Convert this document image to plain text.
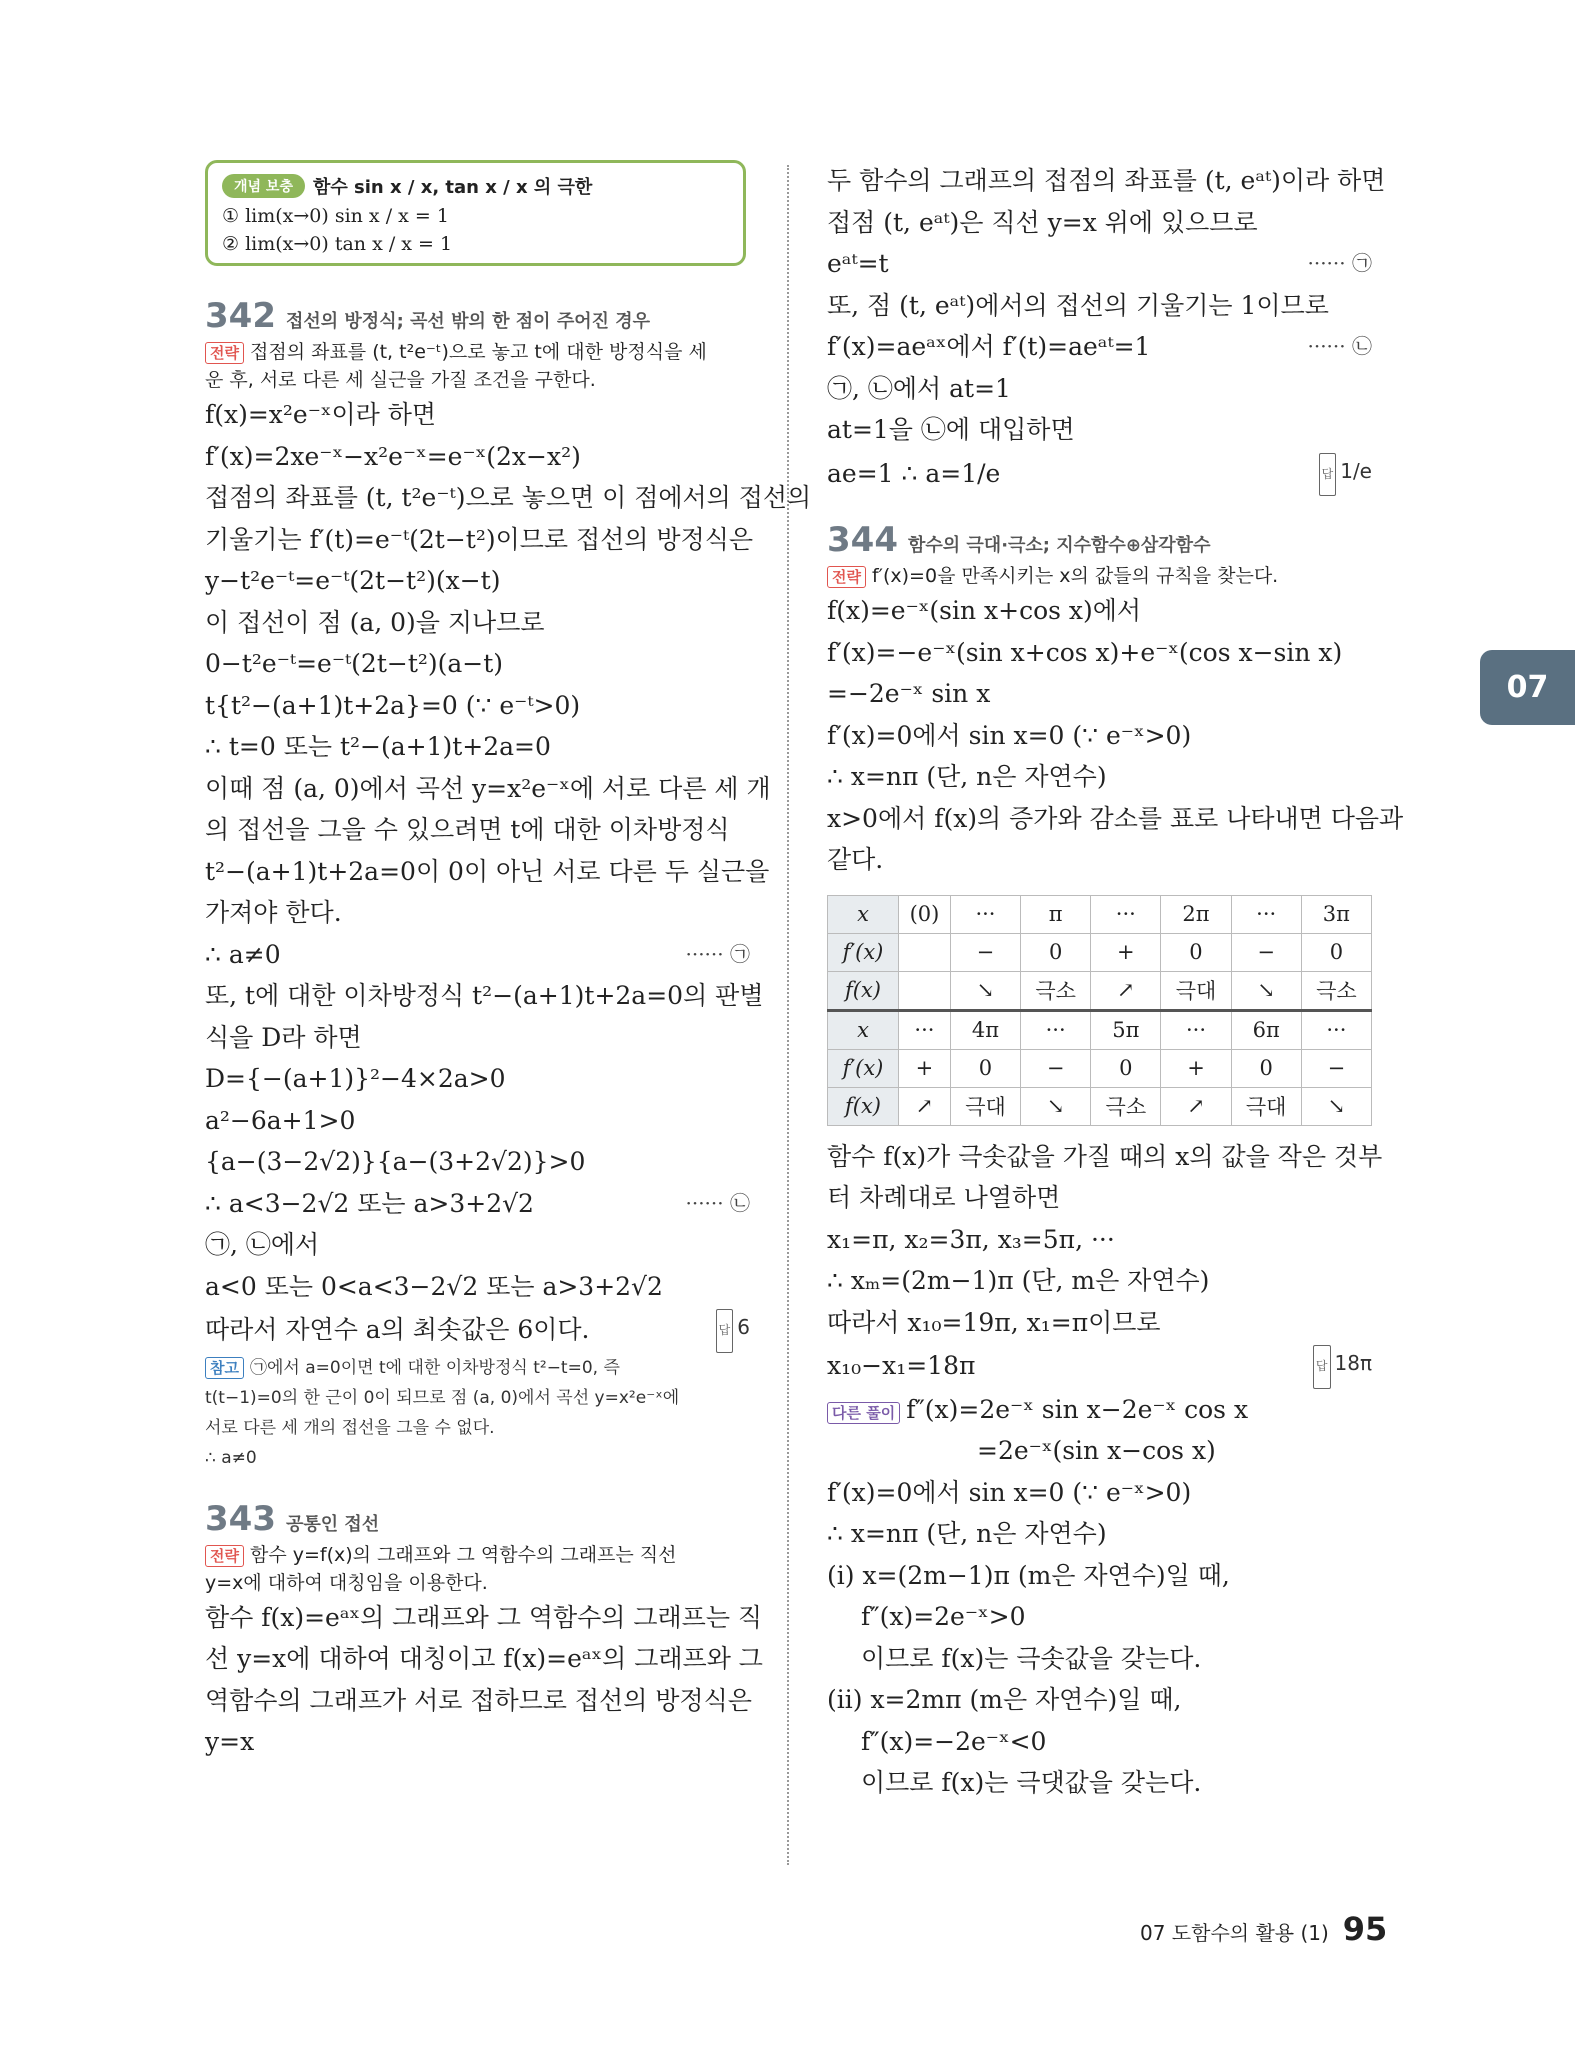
개념 보충	함수 sin x / x, tan x / x 의 극한
① lim(x→0) sin x / x = 1 ② lim(x→0) tan x / x = 1
342 접선의 방정식; 곡선 밖의 한 점이 주어진 경우
전략 접점의 좌표를 (t, t²e⁻ᵗ)으로 놓고 t에 대한 방정식을 세
운 후, 서로 다른 세 실근을 가질 조건을 구한다.
f(x)=x²e⁻ˣ이라 하면
f′(x)=2xe⁻ˣ−x²e⁻ˣ=e⁻ˣ(2x−x²)
접점의 좌표를 (t, t²e⁻ᵗ)으로 놓으면 이 점에서의 접선의
기울기는 f′(t)=e⁻ᵗ(2t−t²)이므로 접선의 방정식은
y−t²e⁻ᵗ=e⁻ᵗ(2t−t²)(x−t)
이 접선이 점 (a, 0)을 지나므로
0−t²e⁻ᵗ=e⁻ᵗ(2t−t²)(a−t)
t{t²−(a+1)t+2a}=0 (∵ e⁻ᵗ>0)
∴ t=0 또는 t²−(a+1)t+2a=0
이때 점 (a, 0)에서 곡선 y=x²e⁻ˣ에 서로 다른 세 개
의 접선을 그을 수 있으려면 t에 대한 이차방정식
t²−(a+1)t+2a=0이 0이 아닌 서로 다른 두 실근을
가져야 한다.
∴ a≠0	······ ㉠
또, t에 대한 이차방정식 t²−(a+1)t+2a=0의 판별
식을 D라 하면
D={−(a+1)}²−4×2a>0
a²−6a+1>0
{a−(3−2√2)}{a−(3+2√2)}>0
∴ a<3−2√2 또는 a>3+2√2	······ ㉡
㉠, ㉡에서
a<0 또는 0<a<3−2√2 또는 a>3+2√2
따라서 자연수 a의 최솟값은 6이다.	답 6
참고 ㉠에서 a=0이면 t에 대한 이차방정식 t²−t=0, 즉
t(t−1)=0의 한 근이 0이 되므로 점 (a, 0)에서 곡선 y=x²e⁻ˣ에
서로 다른 세 개의 접선을 그을 수 없다.
∴ a≠0
343 공통인 접선
전략 함수 y=f(x)의 그래프와 그 역함수의 그래프는 직선
y=x에 대하여 대칭임을 이용한다.
함수 f(x)=eᵃˣ의 그래프와 그 역함수의 그래프는 직
선 y=x에 대하여 대칭이고 f(x)=eᵃˣ의 그래프와 그
역함수의 그래프가 서로 접하므로 접선의 방정식은
y=x
두 함수의 그래프의 접점의 좌표를 (t, eᵃᵗ)이라 하면
접점 (t, eᵃᵗ)은 직선 y=x 위에 있으므로
eᵃᵗ=t	······ ㉠
또, 점 (t, eᵃᵗ)에서의 접선의 기울기는 1이므로
f′(x)=aeᵃˣ에서 f′(t)=aeᵃᵗ=1	······ ㉡
㉠, ㉡에서 at=1
at=1을 ㉡에 대입하면
ae=1 ∴ a=1/e	답 1/e
344 함수의 극대·극소; 지수함수⊕삼각함수
전략 f′(x)=0을 만족시키는 x의 값들의 규칙을 찾는다.
f(x)=e⁻ˣ(sin x+cos x)에서
f′(x)=−e⁻ˣ(sin x+cos x)+e⁻ˣ(cos x−sin x)
=−2e⁻ˣ sin x
f′(x)=0에서 sin x=0 (∵ e⁻ˣ>0)
∴ x=nπ (단, n은 자연수)
x>0에서 f(x)의 증가와 감소를 표로 나타내면 다음과
같다.
x	(0)	···	π	···	2π	···	3π
f′(x)		−	0	+	0	−	0
f(x)		↘	극소	↗	극대	↘	극소
x	···	4π	···	5π	···	6π	···
f′(x)	+	0	−	0	+	0	−
f(x)	↗	극대	↘	극소	↗	극대	↘
함수 f(x)가 극솟값을 가질 때의 x의 값을 작은 것부
터 차례대로 나열하면
x₁=π, x₂=3π, x₃=5π, ···
∴ xₘ=(2m−1)π (단, m은 자연수)
따라서 x₁₀=19π, x₁=π이므로
x₁₀−x₁=18π	답 18π
다른 풀이 f″(x)=2e⁻ˣ sin x−2e⁻ˣ cos x
=2e⁻ˣ(sin x−cos x)
f′(x)=0에서 sin x=0 (∵ e⁻ˣ>0)
∴ x=nπ (단, n은 자연수)
(i) x=(2m−1)π (m은 자연수)일 때,
f″(x)=2e⁻ˣ>0
이므로 f(x)는 극솟값을 갖는다.
(ii) x=2mπ (m은 자연수)일 때,
f″(x)=−2e⁻ˣ<0
이므로 f(x)는 극댓값을 갖는다.
07
07 도함수의 활용 (1) 95
